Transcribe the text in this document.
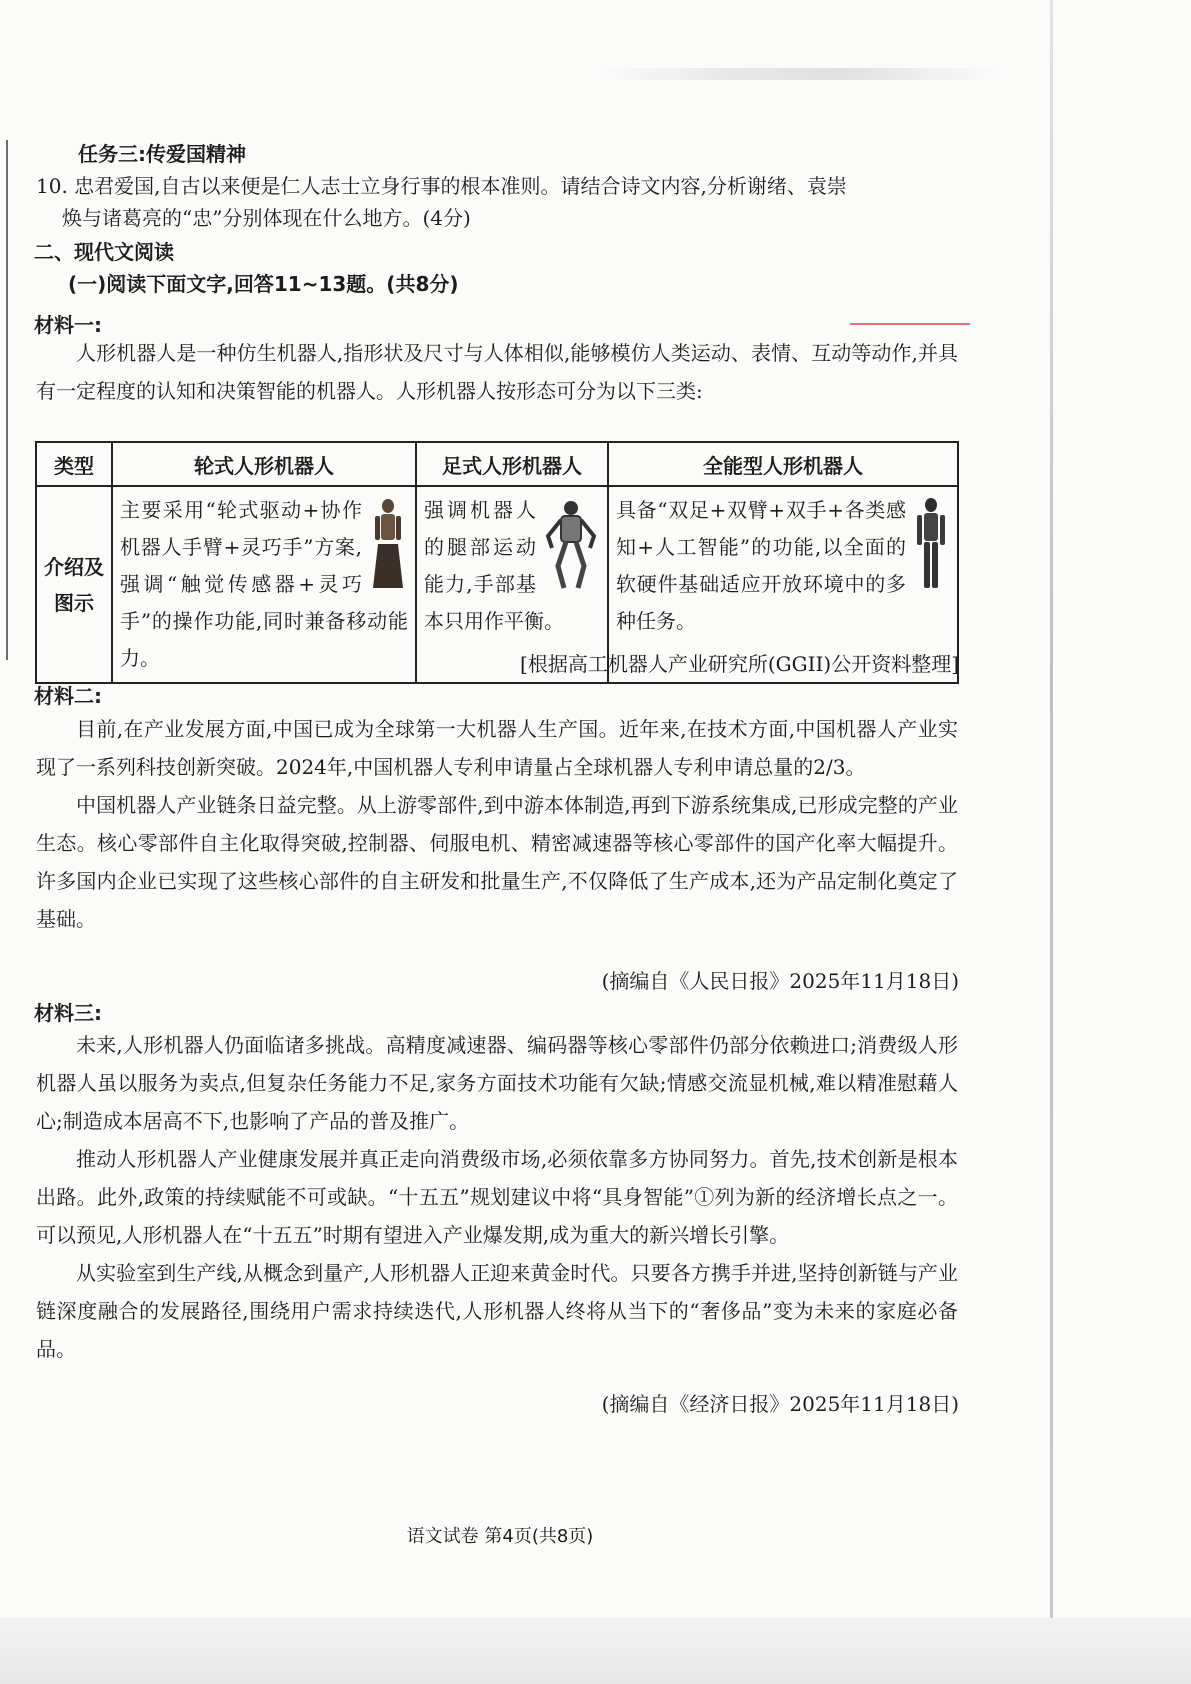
任务三:传爱国精神
10. 忠君爱国,自古以来便是仁人志士立身行事的根本准则。请结合诗文内容,分析谢绪、袁崇
焕与诸葛亮的“忠”分别体现在什么地方。(4分)
二、现代文阅读
(一)阅读下面文字,回答11~13题。(共8分)
材料一:

人形机器人是一种仿生机器人,指形状及尺寸与人体相似,能够模仿人类运动、表情、互动等动作,并具有一定程度的认知和决策智能的机器人。人形机器人按形态可分为以下三类:

类型	轮式人形机器人	足式人形机器人	全能型人形机器人

介绍及
图示	主要采用“轮式驱动+协作机器人手臂+灵巧手”方案,强调“触觉传感器+灵巧手”的操作功能,同时兼备移动能力。	强调机器人的腿部运动能力,手部基本只用作平衡。	具备“双足+双臂+双手+各类感知+人工智能”的功能,以全面的软硬件基础适应开放环境中的多种任务。
[根据高工机器人产业研究所(GGII)公开资料整理]
材料二:

目前,在产业发展方面,中国已成为全球第一大机器人生产国。近年来,在技术方面,中国机器人产业实现了一系列科技创新突破。2024年,中国机器人专利申请量占全球机器人专利申请总量的2/3。

中国机器人产业链条日益完整。从上游零部件,到中游本体制造,再到下游系统集成,已形成完整的产业生态。核心零部件自主化取得突破,控制器、伺服电机、精密减速器等核心零部件的国产化率大幅提升。许多国内企业已实现了这些核心部件的自主研发和批量生产,不仅降低了生产成本,还为产品定制化奠定了基础。

(摘编自《人民日报》2025年11月18日)
材料三:

未来,人形机器人仍面临诸多挑战。高精度减速器、编码器等核心零部件仍部分依赖进口;消费级人形机器人虽以服务为卖点,但复杂任务能力不足,家务方面技术功能有欠缺;情感交流显机械,难以精准慰藉人心;制造成本居高不下,也影响了产品的普及推广。

推动人形机器人产业健康发展并真正走向消费级市场,必须依靠多方协同努力。首先,技术创新是根本出路。此外,政策的持续赋能不可或缺。“十五五”规划建议中将“具身智能”①列为新的经济增长点之一。可以预见,人形机器人在“十五五”时期有望进入产业爆发期,成为重大的新兴增长引擎。

从实验室到生产线,从概念到量产,人形机器人正迎来黄金时代。只要各方携手并进,坚持创新链与产业链深度融合的发展路径,围绕用户需求持续迭代,人形机器人终将从当下的“奢侈品”变为未来的家庭必备品。

(摘编自《经济日报》2025年11月18日)
语文试卷 第4页(共8页)
